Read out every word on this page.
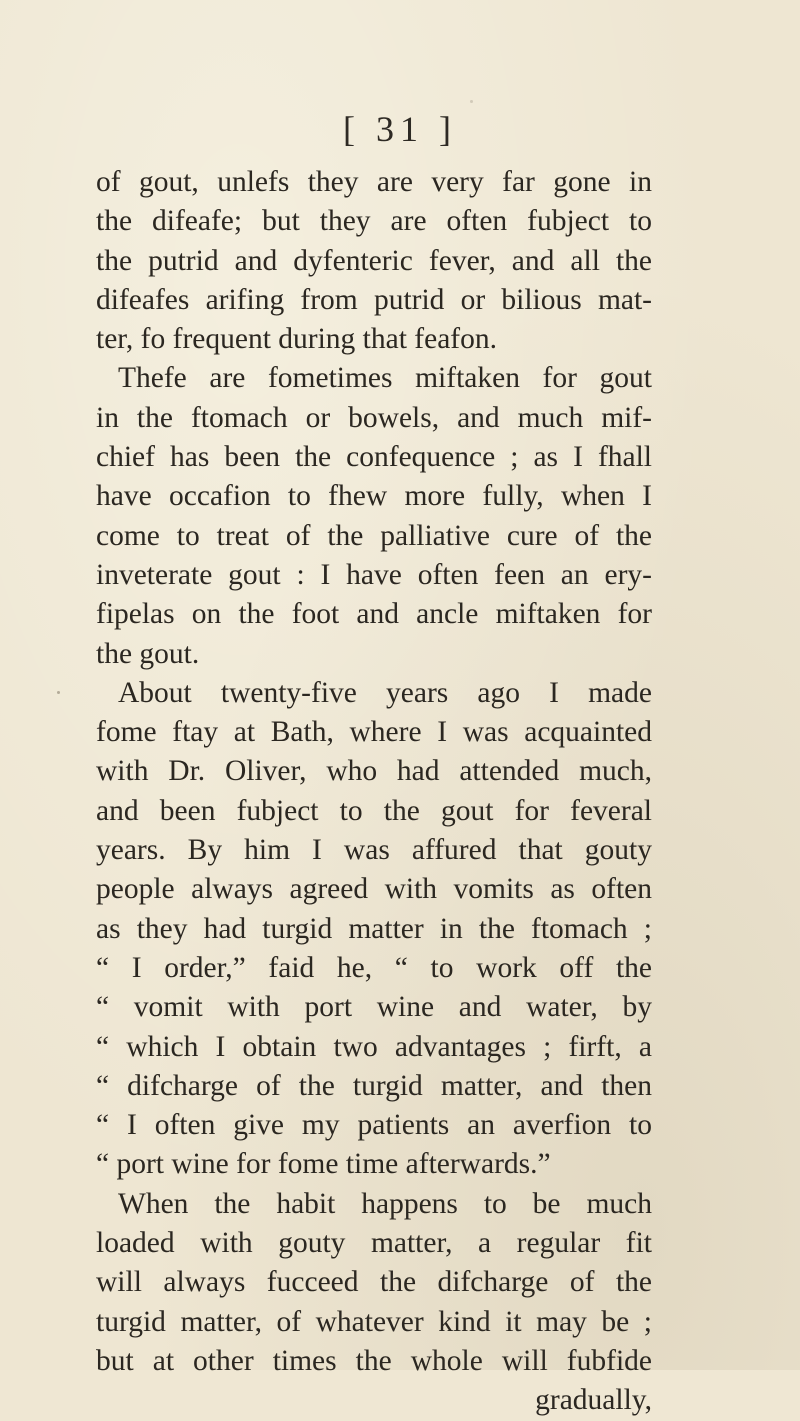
[ 31 ]
of gout, unlefs they are very far gone in
the difeafe; but they are often fubject to
the putrid and dyfenteric fever, and all the
difeafes arifing from putrid or bilious mat-
ter, fo frequent during that feafon.
Thefe are fometimes miftaken for gout
in the ftomach or bowels, and much mif-
chief has been the confequence ; as I fhall
have occafion to fhew more fully, when I
come to treat of the palliative cure of the
inveterate gout : I have often feen an ery-
fipelas on the foot and ancle miftaken for
the gout.
About twenty-five years ago I made
fome ftay at Bath, where I was acquainted
with Dr. Oliver, who had attended much,
and been fubject to the gout for feveral
years. By him I was affured that gouty
people always agreed with vomits as often
as they had turgid matter in the ftomach ;
“ I order,” faid he, “ to work off the
“ vomit with port wine and water, by
“ which I obtain two advantages ; firft, a
“ difcharge of the turgid matter, and then
“ I often give my patients an averfion to
“ port wine for fome time afterwards.”
When the habit happens to be much
loaded with gouty matter, a regular fit
will always fucceed the difcharge of the
turgid matter, of whatever kind it may be ;
but at other times the whole will fubfide
gradually,
